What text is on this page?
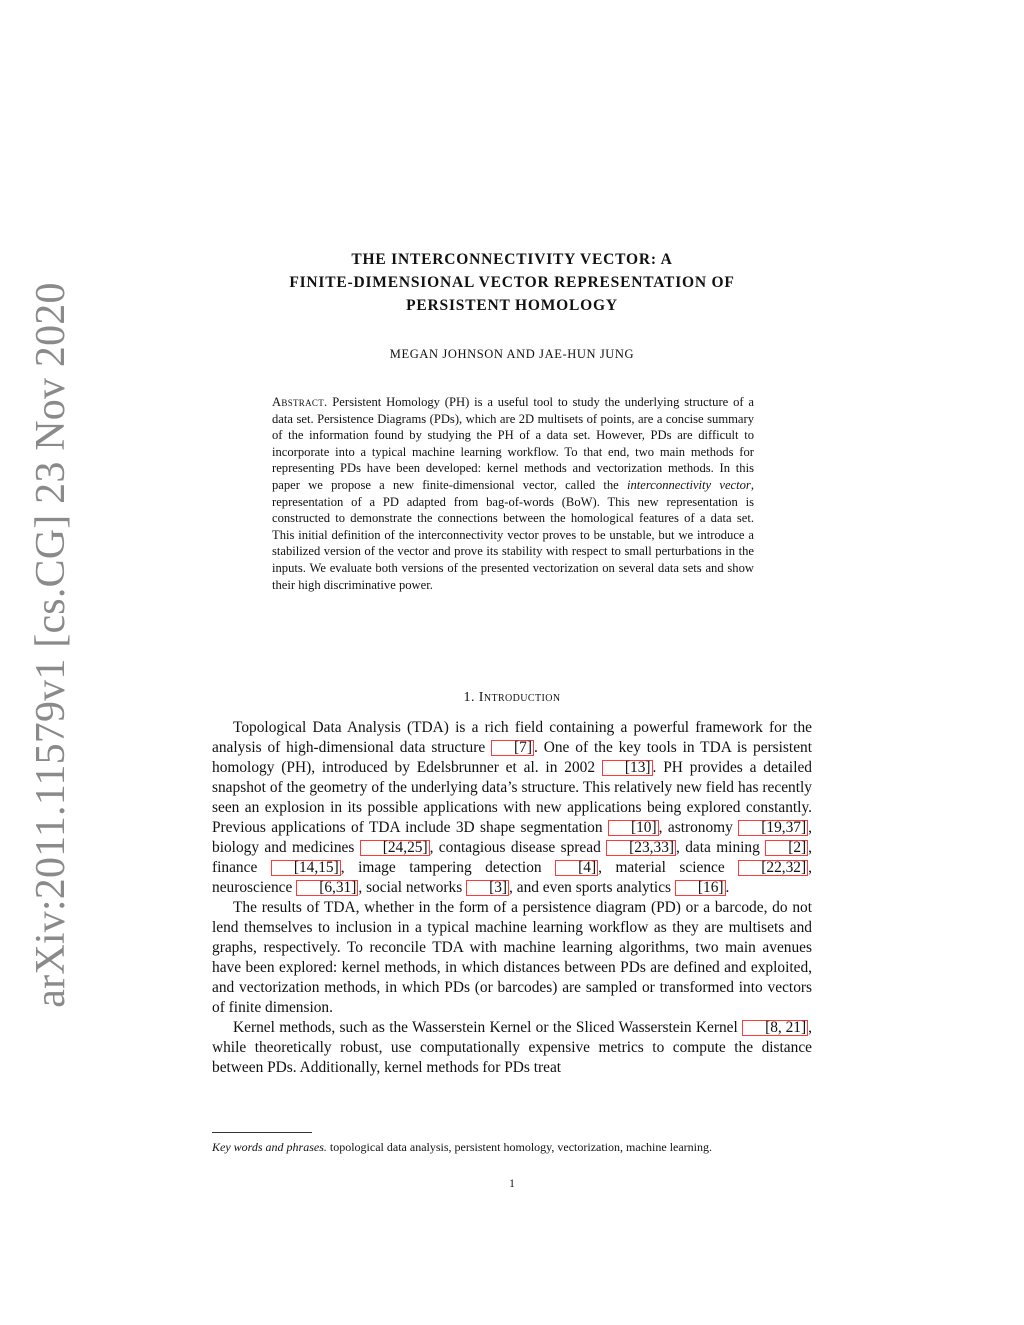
arXiv:2011.11579v1 [cs.CG] 23 Nov 2020
THE INTERCONNECTIVITY VECTOR: A
FINITE-DIMENSIONAL VECTOR REPRESENTATION OF
PERSISTENT HOMOLOGY
MEGAN JOHNSON AND JAE-HUN JUNG
Abstract. Persistent Homology (PH) is a useful tool to study the underlying structure of a data set. Persistence Diagrams (PDs), which are 2D multisets of points, are a concise summary of the information found by studying the PH of a data set. However, PDs are difficult to incorporate into a typical machine learning workflow. To that end, two main methods for representing PDs have been developed: kernel methods and vectorization methods. In this paper we propose a new finite-dimensional vector, called the interconnectivity vector, representation of a PD adapted from bag-of-words (BoW). This new representation is constructed to demonstrate the connections between the homological features of a data set. This initial definition of the interconnectivity vector proves to be unstable, but we introduce a stabilized version of the vector and prove its stability with respect to small perturbations in the inputs. We evaluate both versions of the presented vectorization on several data sets and show their high discriminative power.
1. Introduction

Topological Data Analysis (TDA) is a rich field containing a powerful framework for the analysis of high-dimensional data structure [7] . One of the key tools in TDA is persistent homology (PH), introduced by Edelsbrunner et al. in 2002 [13] . PH provides a detailed snapshot of the geometry of the underlying data’s structure. This relatively new field has recently seen an explosion in its possible applications with new applications being explored constantly. Previous applications of TDA include 3D shape segmentation [10] , astronomy [19,37] , biology and medicines [24,25] , contagious disease spread [23,33] , data mining [2] , finance [14,15] , image tampering detection [4] , material science [22,32] , neuroscience [6,31] , social networks [3] , and even sports analytics [16] .

The results of TDA, whether in the form of a persistence diagram (PD) or a barcode, do not lend themselves to inclusion in a typical machine learning workflow as they are multisets and graphs, respectively. To reconcile TDA with machine learning algorithms, two main avenues have been explored: kernel methods, in which distances between PDs are defined and exploited, and vectorization methods, in which PDs (or barcodes) are sampled or transformed into vectors of finite dimension.

Kernel methods, such as the Wasserstein Kernel or the Sliced Wasserstein Kernel [8, 21] , while theoretically robust, use computationally expensive metrics to compute the distance between PDs. Additionally, kernel methods for PDs treat

Key words and phrases. topological data analysis, persistent homology, vectorization, machine learning.
1
